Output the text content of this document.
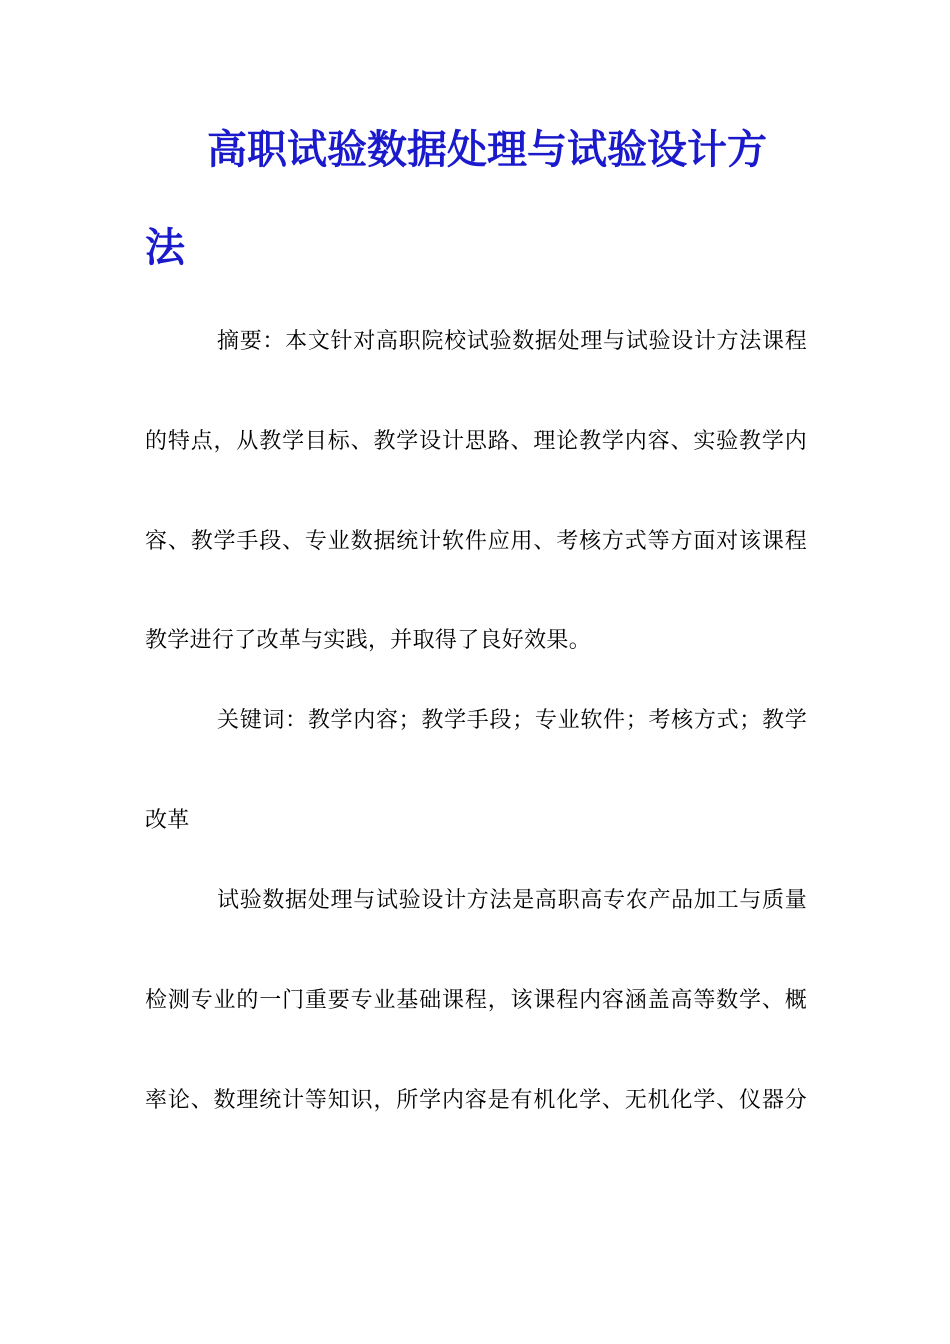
高职试验数据处理与试验设计方
法

摘要：本文针对高职院校试验数据处理与试验设计方法课程

的特点，从教学目标、教学设计思路、理论教学内容、实验教学内

容、教学手段、专业数据统计软件应用、考核方式等方面对该课程

教学进行了改革与实践，并取得了良好效果。

关键词：教学内容；教学手段；专业软件；考核方式；教学

改革

试验数据处理与试验设计方法是高职高专农产品加工与质量

检测专业的一门重要专业基础课程，该课程内容涵盖高等数学、概

率论、数理统计等知识，所学内容是有机化学、无机化学、仪器分
